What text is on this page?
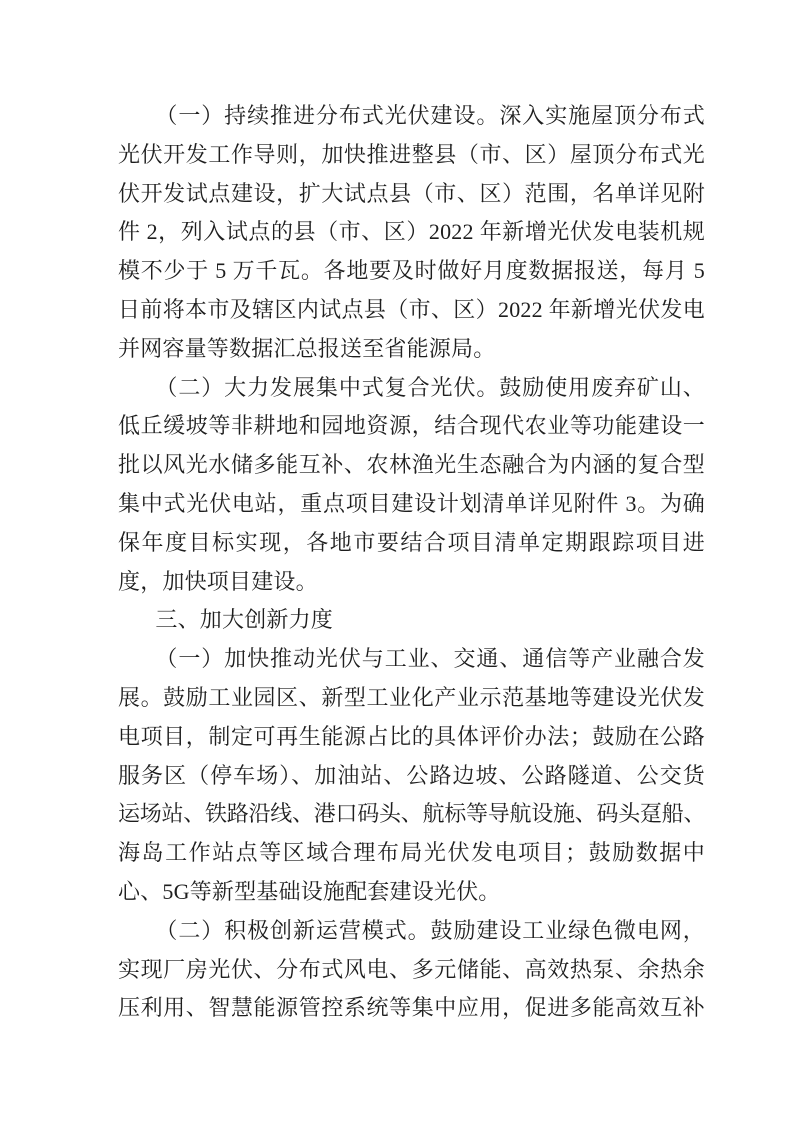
（一）持续推进分布式光伏建设。深入实施屋顶分布式
光伏开发工作导则，加快推进整县（市、区）屋顶分布式光
伏开发试点建设，扩大试点县（市、区）范围，名单详见附
件 2，列入试点的县（市、区）2022 年新增光伏发电装机规
模不少于 5 万千瓦。各地要及时做好月度数据报送，每月 5
日前将本市及辖区内试点县（市、区）2022 年新增光伏发电
并网容量等数据汇总报送至省能源局。
（二）大力发展集中式复合光伏。鼓励使用废弃矿山、
低丘缓坡等非耕地和园地资源，结合现代农业等功能建设一
批以风光水储多能互补、农林渔光生态融合为内涵的复合型
集中式光伏电站，重点项目建设计划清单详见附件 3。为确
保年度目标实现，各地市要结合项目清单定期跟踪项目进
度，加快项目建设。
三、加大创新力度
（一）加快推动光伏与工业、交通、通信等产业融合发
展。鼓励工业园区、新型工业化产业示范基地等建设光伏发
电项目，制定可再生能源占比的具体评价办法；鼓励在公路
服务区（停车场）、加油站、公路边坡、公路隧道、公交货
运场站、铁路沿线、港口码头、航标等导航设施、码头趸船、
海岛工作站点等区域合理布局光伏发电项目；鼓励数据中
心、5G等新型基础设施配套建设光伏。
（二）积极创新运营模式。鼓励建设工业绿色微电网，
实现厂房光伏、分布式风电、多元储能、高效热泵、余热余
压利用、智慧能源管控系统等集中应用，促进多能高效互补
